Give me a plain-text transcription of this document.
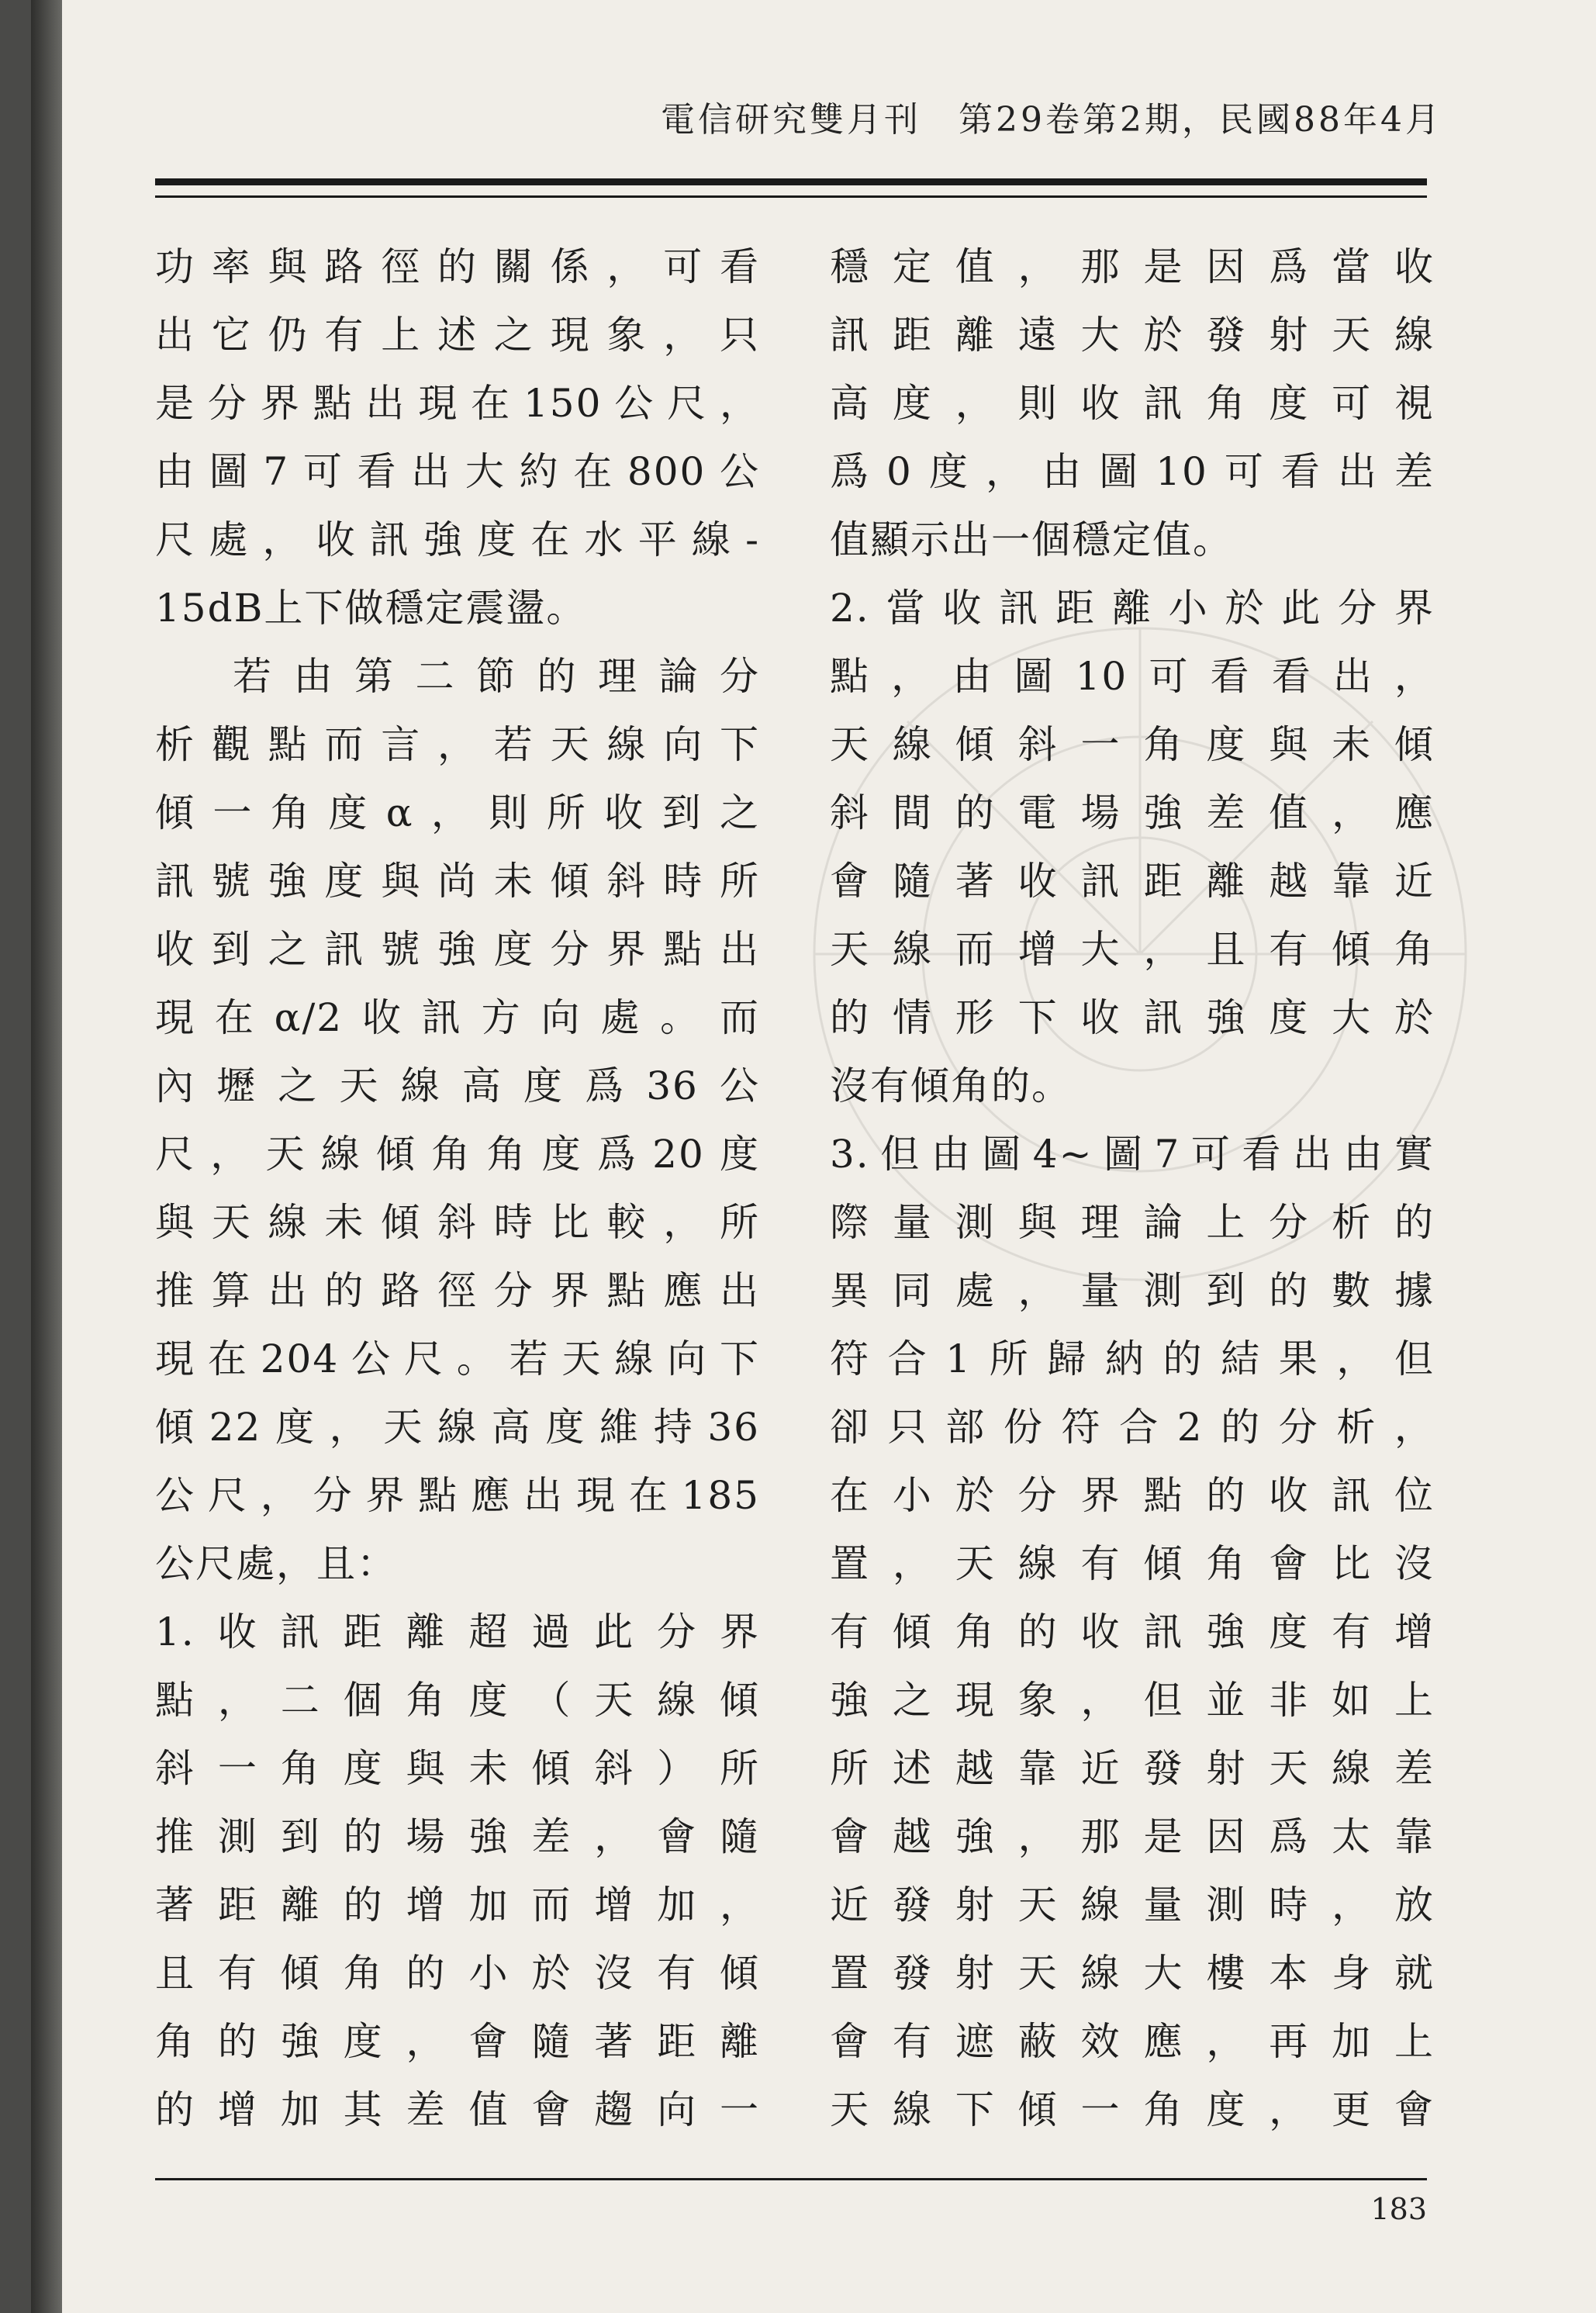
電信研究雙月刊　第29卷第2期，民國88年4月
功率與路徑的關係，可看
出它仍有上述之現象，只
是分界點出現在150公尺，
由圖7可看出大約在800公
尺處，收訊強度在水平線-
15dB上下做穩定震盪。
若由第二節的理論分
析觀點而言，若天線向下
傾一角度α，則所收到之
訊號強度與尚未傾斜時所
收到之訊號強度分界點出
現在α/2收訊方向處。而
內壢之天線高度爲36公
尺，天線傾角角度爲20度
與天線未傾斜時比較，所
推算出的路徑分界點應出
現在204公尺。若天線向下
傾22度，天線高度維持36
公尺，分界點應出現在185
公尺處，且：
1.收訊距離超過此分界
點，二個角度（天線傾
斜一角度與未傾斜）所
推測到的場強差，會隨
著距離的增加而增加，
且有傾角的小於沒有傾
角的強度，會隨著距離
的增加其差值會趨向一
穩定值，那是因爲當收
訊距離遠大於發射天線
高度，則收訊角度可視
爲0度，由圖10可看出差
值顯示出一個穩定值。
2.當收訊距離小於此分界
點，由圖10可看看出，
天線傾斜一角度與未傾
斜間的電場強差值，應
會隨著收訊距離越靠近
天線而增大，且有傾角
的情形下收訊強度大於
沒有傾角的。
3.但由圖4~圖7可看出由實
際量測與理論上分析的
異同處，量測到的數據
符合1所歸納的結果，但
卻只部份符合2的分析，
在小於分界點的收訊位
置，天線有傾角會比沒
有傾角的收訊強度有增
強之現象，但並非如上
所述越靠近發射天線差
會越強，那是因爲太靠
近發射天線量測時，放
置發射天線大樓本身就
會有遮蔽效應，再加上
天線下傾一角度，更會
183
